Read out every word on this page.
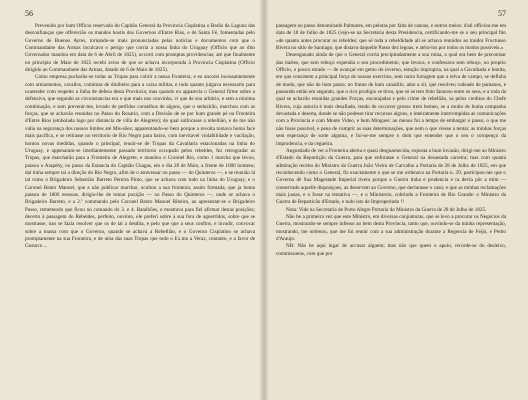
56

Prevenido por hum Officio reservado do Capitão General da Provincia Cisplatina o Barão da Laguna das desconfianças que offerecião os mandos hostis dos Governos d'Entre Rios, e de Santa Fé, fomentadas pelo Governo de Buenos Ayres, tornando-se mais pronunciadas pelas noticias e documentos com que o Commandante das Armas inculcava o perigo que corria a nossa linha do Uruguay (Officio que ao dito Governador mandou em data de 6 de Abril de 1825), occorri com promptas providencias; até que finalmente no principio de Maio de 1825 recebi aviso de que se achava incorporada à Provincia Cisplatina (Officio dirigido ao Commandante das Armas, datado de 6 de Maio de 1825).

Como empresa pucharão-se todas as Tropas para cobrir a nossa Fronteira, e eu ancorei incessantemente com armamentos, cavallos, comimas de diniheiro para a caixa militar, e tudo quanto julgava necessario para ocatender com respeito a linha de defesa desta Provincia; mas quando eu apparecia o General firme sobre a defensiva, que segundo as circunstancias era o que mais nos convinha, vi que de sou arbitrio, e sem a minima combinação, e sem prevenir-me, levado de perfidos conselhos de alguns, que o seduzirão, marchou com as forças, que se achavão reunidas no Passo do Rosario, com a Decisão de se por hum grande pé na Fronteira d'Entre Rios (embolada logo por distancia de villa de Alegrete); do qual sulfocasse a rebellião, e de me não valia na segurança dos nossos limites até Mis-sões; apparentando-se bem porque a revolta tomava huma face mais pacifica, e se retirasse no territorio de Rio Negro para baixo, com inevitavel violabilidade e vacilação, hontou novas medidas, quando o principal, reunir-se de Tropas da Cavallaria estacionadas na linha do Uruguay, e appenaram-se imediantemente passado territorio occupado pelos rebeldes, fez retrogradar as Tropas, que marcharão para a Fronteira de Alegrete, e mandou o Coronel Rio, como 1 marcha que levou, passou o Arapehy, no passo da Estancia do Capitão Chagas, em o dia 28 de Maio, a frente de 1000 homens; dal tinha sempre tal a direção do Rio Negro, afim de o atravessar no passo — do Quinteros —, e se reunião lá tal rumo o Brigadeiro Sebastião Barreto Pereira Pinto, que se achava com tudo na linha do Uruguay, e o Coronel Bento Manoel, que a não publicar marchar, ocultou a sua fronteira, assim formada, que ja huma passou de 1800 nessoas, dirigio-lhe de tomar pozição — no Passo do Quinteros —, onde se achava o Brigadeiro Barreto, e a 2.º commando pelo Coronel Bento Manoel Ribeiro, ao apresentar-se o Brigadeiro Passo, remettendo que ficou no comando do 3. e 4. Batalhões, e mostrava para fiel afirmar destas posições; decerto à passagem do Rebeldes, perfeito, ouvinto, ele preferi sobre a sua fora de aguerridos, sobre que se mostrasse, nao se fazia resolver que os de tal a desdita, e pelo que que a seus confins, e invadir, convocar sobre a massa com que o Governo, quando se achava a Rebellião, e o Governo Cisplatino se achava promptamente na sua Fronteira, e de uma das suas Tropas que todo o Ex.mo a Veraz, contanto, e a favor de Gustavo ...

57

passagem no passo denominado Palmares, em pelotas por falta de canoas, e outros meios: d'ali officiou-me em data de 18 de Julho de 1825 (vejo-se na Secretaria desta Presidencia, certificando-me se o seu principal fito «de quanto antes procurar os rebeldes; que sé toda a rebeldidade ali se achava reunidos ao traidor Fructuoso Rivera no sitio de Santiago, que distava daquelle Passo dez legoas, e atéra-los por todos os modos possiveis.»

Desenganado ainda de que o General corria precipitadamente a sua ruina, a qual era bem de preconisar das razões, que sem rebuço expendia o seu procedimento, que levava, e confessava sem rebuço, no proprio Officio, o pouco estado — de avançar em gemo do inverno, estação impropria, na qual a Gavalhada e bonita, em que consistem a principal força de nossos exercitos, sem outra forragem que a relva de campo, se definha de modo, que não de hum passo; no frame de hum canalillo, amo a sil, que resolveu rodeado de pantanos, e passando então em segundo, que o rico prodigio se tirou, que só se tem feito fannoso entre os seus, e a roda da qual se achavão reunidas grandes Forças, encorajadas e pelo crime de rebellião, sa pelos creditos do Chefe Rivera, cuja astucia é mais desafiado, tendo de occorrer grosso trem bemen, se a muito de huma campanha devastada e deserta, donde se não podesse tirar recursos alguns, e inteiramente interrompidas as comunicações com a Provincia e com Monte Video, e bem Mingues: ao menos fui a tempo de embargar o passo, o que me não fosse possivel, e pena de cumprir as suas determinações, que nem o que viesse a tentar, as minhas forças sem esperança de sorte alguma, e foi-se-me sempre o dom que entender que o seu o coropenço da imprudencia, e da cegueira.

Angustiado de ver a Fronteira aberta e quasi desguarnecida, exposta a hum invasão, dirigi-me ao Ministro d'Estado da Repartição da Guerra, para que enforasse o General na desassada carreira; mas com quanta admiração recebo do Ministro da Guerra João Vieira de Carvalho a Portaria de 28 de Julho de 1825, em que reconhecendo como o General, fiz exactamente o que se me ordenava na Portaria n. 29, participou-me que o Governo dé Sua Magestade Imperial tivera porque a Guerra tinha e prudencia e ra devia pôr a mim — conservado aquelle disposiçoes, as desorvem ao Governo, que declarasse o caso; e que as minhas reclamações mais justas, e o fosse na tentativa —, e o Ministerio, cobrindo a Fronteira de Rio Grande: o Ministro da Guerra de Reparticão d'Estado, e tudo isto de Improperiado !!

Nota: Vide na Secretaria de Porto Alegre Portaria do Ministro da Guerra de 28 de Julho de 1825.

Não he a primeira vez que este Ministro, em diversas conjunturas, que se levo a procurar os Negocios da Guerra, mostrando-se sempre infenso ao bem desta Provincia, tanto que, ouvindo-se da minha representação, mostrando, me ordenou, que me fui reunir com a sua administração durante a Regencia de Feijó, e Pedro d'Araujo.

NB: Não he aqui lugar de accusar alguem; mas não que quem o apoio, recorde-se do desleixo, commissoens, com que por
